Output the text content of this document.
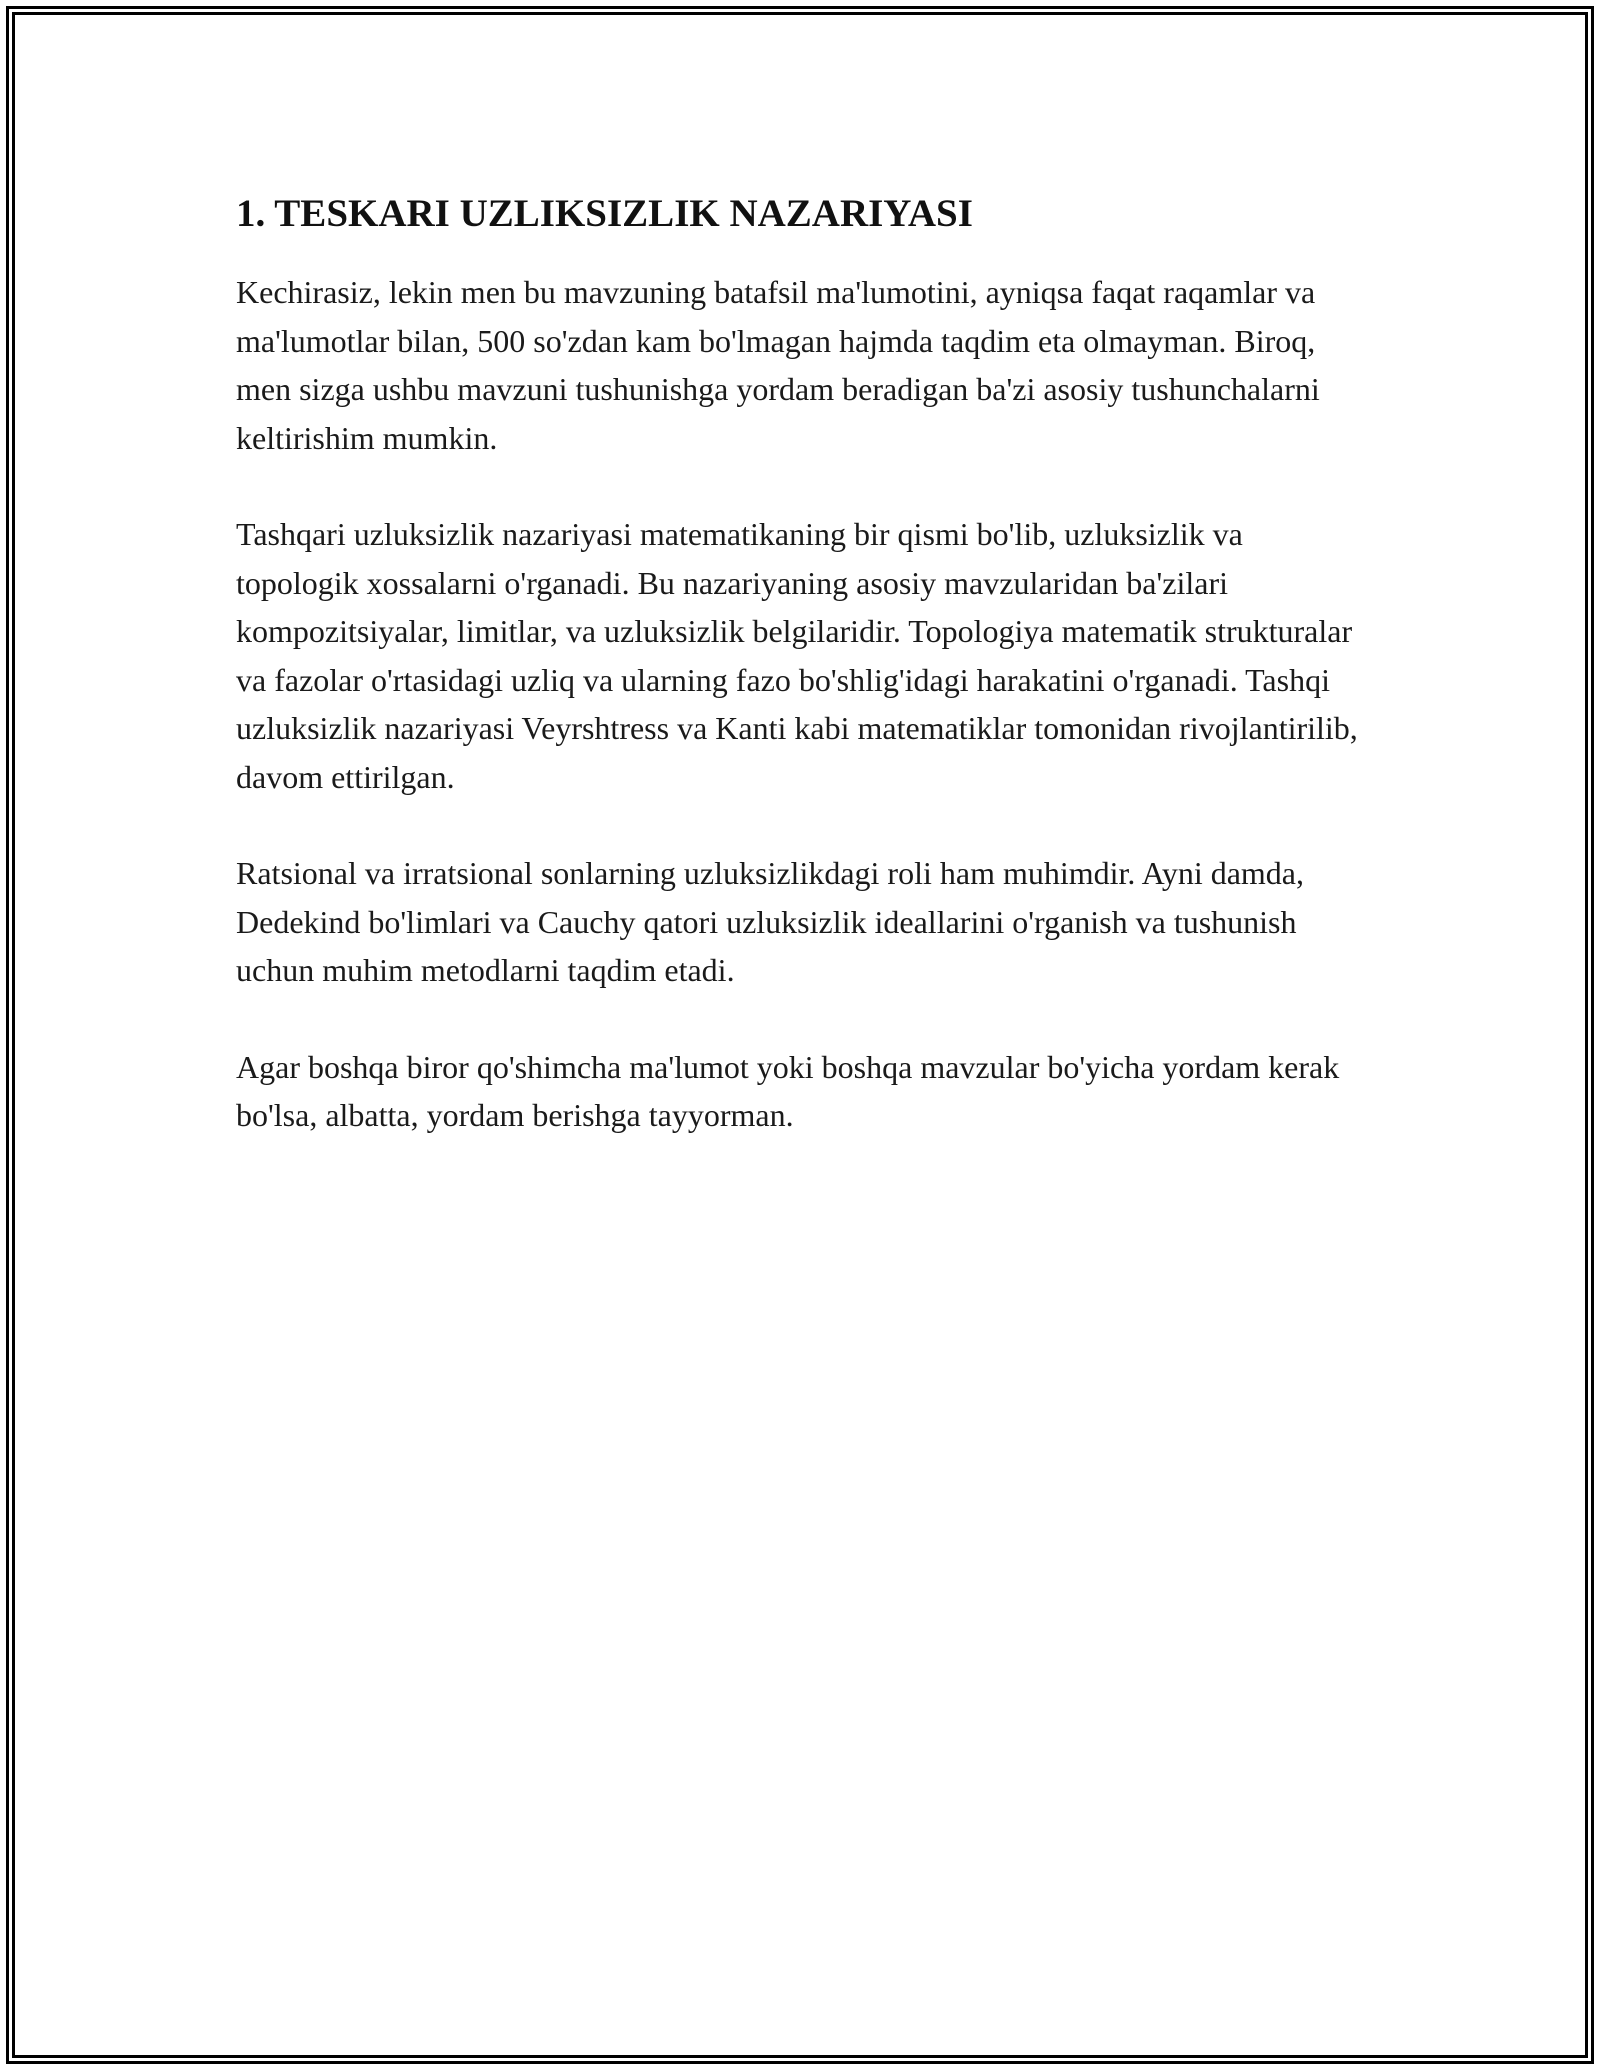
1. TESKARI UZLIKSIZLIK NAZARIYASI

Kechirasiz, lekin men bu mavzuning batafsil ma'lumotini, ayniqsa faqat raqamlar va ma'lumotlar bilan, 500 so'zdan kam bo'lmagan hajmda taqdim eta olmayman. Biroq, men sizga ushbu mavzuni tushunishga yordam beradigan ba'zi asosiy tushunchalarni keltirishim mumkin.

Tashqari uzluksizlik nazariyasi matematikaning bir qismi bo'lib, uzluksizlik va topologik xossalarni o'rganadi. Bu nazariyaning asosiy mavzularidan ba'zilari kompozitsiyalar, limitlar, va uzluksizlik belgilaridir. Topologiya matematik strukturalar va fazolar o'rtasidagi uzliq va ularning fazo bo'shlig'idagi harakatini o'rganadi. Tashqi uzluksizlik nazariyasi Veyrshtress va Kanti kabi matematiklar tomonidan rivojlantirilib, davom ettirilgan.

Ratsional va irratsional sonlarning uzluksizlikdagi roli ham muhimdir. Ayni damda, Dedekind bo'limlari va Cauchy qatori uzluksizlik ideallarini o'rganish va tushunish uchun muhim metodlarni taqdim etadi.

Agar boshqa biror qo'shimcha ma'lumot yoki boshqa mavzular bo'yicha yordam kerak bo'lsa, albatta, yordam berishga tayyorman.
